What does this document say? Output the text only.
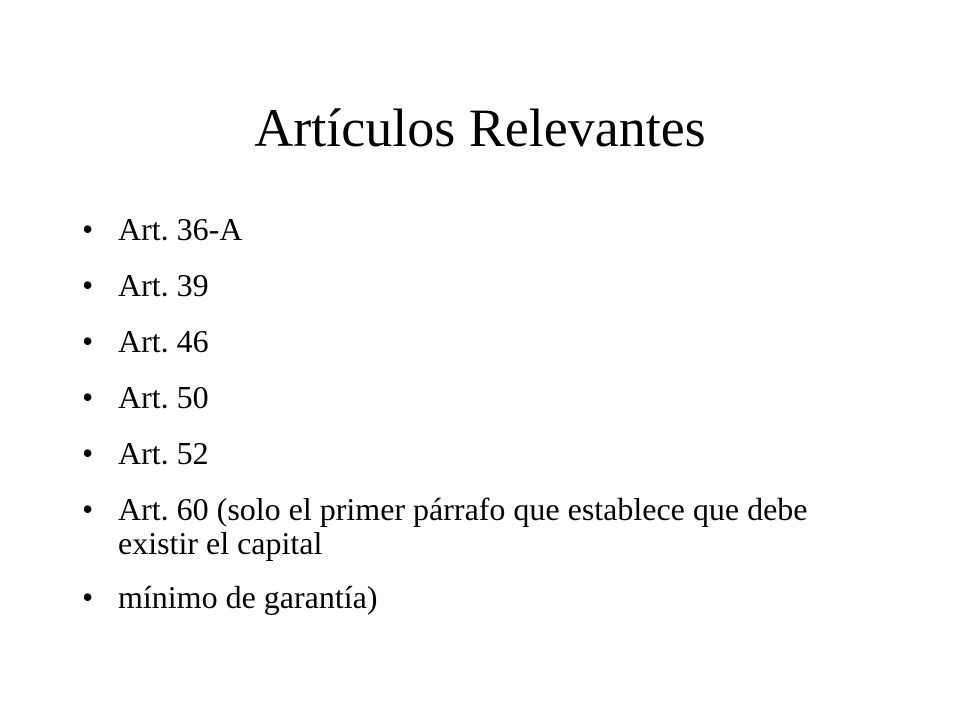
Artículos Relevantes
• Art. 36-A
• Art. 39
• Art. 46
• Art. 50
• Art. 52
• Art. 60 (solo el primer párrafo que establece que debe existir el capital
• mínimo de garantía)
